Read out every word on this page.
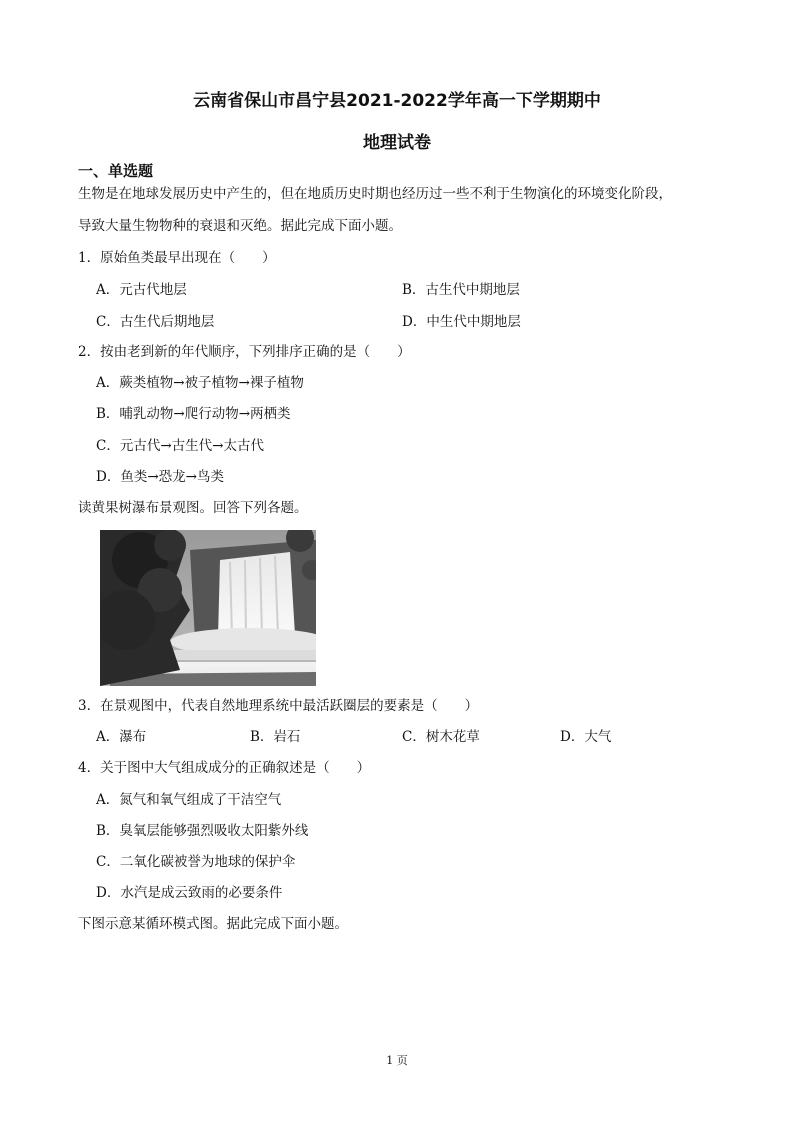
云南省保山市昌宁县2021-2022学年高一下学期期中
地理试卷
一、单选题
生物是在地球发展历史中产生的，但在地质历史时期也经历过一些不利于生物演化的环境变化阶段，
导致大量生物物种的衰退和灭绝。据此完成下面小题。
1．原始鱼类最早出现在（　　）
A．元古代地层	B．古生代中期地层
C．古生代后期地层	D．中生代中期地层
2．按由老到新的年代顺序，下列排序正确的是（　　）
A．蕨类植物→被子植物→裸子植物
B．哺乳动物→爬行动物→两栖类
C．元古代→古生代→太古代
D．鱼类→恐龙→鸟类
读黄果树瀑布景观图。回答下列各题。
3．在景观图中，代表自然地理系统中最活跃圈层的要素是（　　）
A．瀑布	B．岩石	C．树木花草	D．大气
4．关于图中大气组成成分的正确叙述是（　　）
A．氮气和氧气组成了干洁空气
B．臭氧层能够强烈吸收太阳紫外线
C．二氧化碳被誉为地球的保护伞
D．水汽是成云致雨的必要条件
下图示意某循环模式图。据此完成下面小题。
1 页
